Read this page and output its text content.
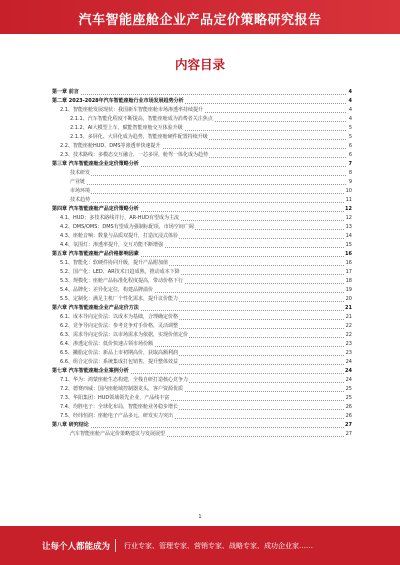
汽车智能座舱企业产品定价策略研究报告
内容目录
第一章 前言	4
第二章 2023-2028年汽车智能座舱行业市场发展趋势分析	4
2.1、智能座舱发展现状：我国新车智能座舱市场渗透率持续提升	4
2.1.1、汽车智能化程度不断提高，智能座舱成为消费者关注焦点	4
2.1.2、AI大模型上车，赋能智能座舱交互体验升级	5
2.1.3、多屏化、大屏化成为趋势，智能座舱硬件配置持续升级	5
2.2、智能座舱HUD、DMS等渗透率快速提升	6
2.3、技术路线：多模态交互融合，一芯多屏，舱驾一体化成为趋势	6
第三章 汽车智能座舱企业定价策略分析	7
技术研发	8
产业链	9
市场环境	10
技术趋势	11
第四章 汽车智能座舱产品定价策略分析	12
4.1、HUD：多技术路线并行，AR-HUD有望成为主流	12
4.2、DMS/OMS：DMS有望成为强制标配项，市场空间广阔	13
4.3、座舱音响：数量与品质双提升，打造沉浸式体验	14
4.4、氛围灯：渗透率提升，交互功能不断增强	15
第五章 汽车智能座舱产品价格影响因素	16
5.1、智能化：软硬件协同升级，提升产品附加值	16
5.2、国产化：LED、AR技术日趋成熟，推动成本下降	17
5.3、规模化：座舱产品标准化程度提高，带动价格下行	18
5.4、品牌化：差异化定位，构建品牌溢价	19
5.5、定制化：满足主机厂个性化需求，提升议价能力	20
第六章 汽车智能座舱企业产品定价方法	21
6.1、成本导向定价法：以成本为基础，合理确定价格	21
6.2、竞争导向定价法：参考竞争对手价格，灵活调整	22
6.3、需求导向定价法：以市场需求为依据，实现价值定价	22
6.4、渗透定价法：低价快速占领市场份额	23
6.5、撇脂定价法：新品上市初期高价，获取高额利润	23
6.6、组合定价法：系统集成打包销售，提升整体效益	24
第七章 汽车智能座舱企业案例分析	24
7.1、华为：鸿蒙座舱生态构建，全栈自研打造核心竞争力	24
7.2、德赛西威：国内座舱域控制器龙头，客户资源优质	25
7.3、华阳集团：HUD领域领先企业，产品线丰富	25
7.4、均胜电子：全球化布局，智能座舱业务稳步增长	26
7.5、经纬恒润：座舱电子产品多元，研发实力突出	26
第八章 研究结论	27
汽车智能座舱产品定价策略建议与发展展望	27
1
让每个人都能成为 行业专家、管理专家、营销专家、战略专家、成功企业家……
